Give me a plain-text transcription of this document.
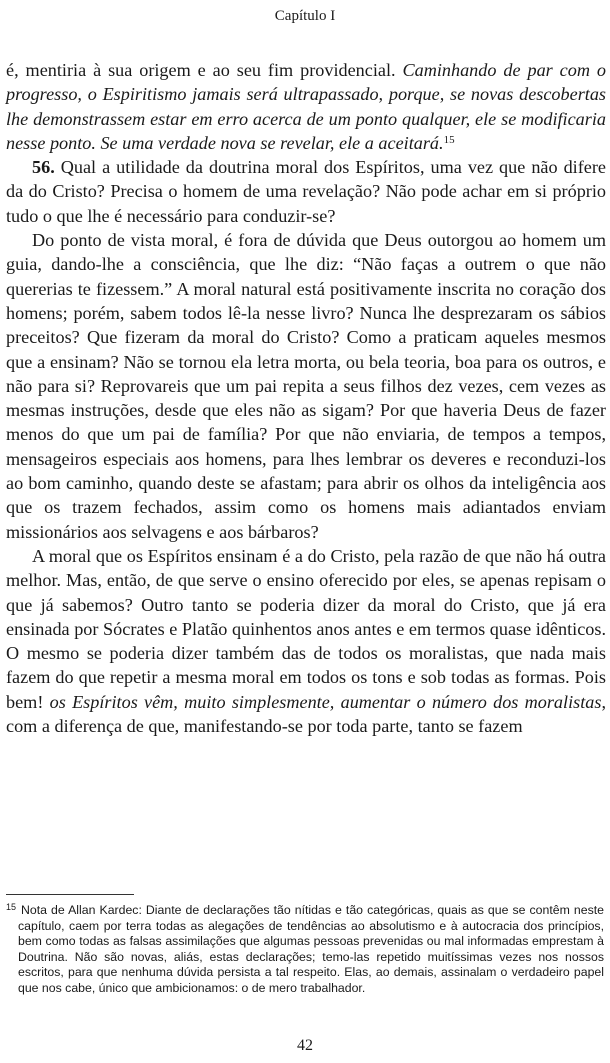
Capítulo I

é, mentiria à sua origem e ao seu fim providencial. Caminhando de par com o progresso, o Espiritismo jamais será ultrapassado, porque, se novas descobertas lhe demonstrassem estar em erro acerca de um ponto qualquer, ele se modificaria nesse ponto. Se uma verdade nova se revelar, ele a aceitará.$^{15}$

56. Qual a utilidade da doutrina moral dos Espíritos, uma vez que não difere da do Cristo? Precisa o homem de uma revelação? Não pode achar em si próprio tudo o que lhe é necessário para conduzir-se?

Do ponto de vista moral, é fora de dúvida que Deus outorgou ao homem um guia, dando-lhe a consciência, que lhe diz: “Não faças a outrem o que não quererias te fizessem.” A moral natural está positivamente inscrita no coração dos homens; porém, sabem todos lê-la nesse livro? Nunca lhe desprezaram os sábios preceitos? Que fizeram da moral do Cristo? Como a praticam aqueles mesmos que a ensinam? Não se tornou ela letra morta, ou bela teoria, boa para os outros, e não para si? Reprovareis que um pai repita a seus filhos dez vezes, cem vezes as mesmas instruções, desde que eles não as sigam? Por que haveria Deus de fazer menos do que um pai de família? Por que não enviaria, de tempos a tempos, mensageiros especiais aos homens, para lhes lembrar os deveres e reconduzi-los ao bom caminho, quando deste se afastam; para abrir os olhos da inteligência aos que os trazem fechados, assim como os homens mais adiantados enviam missionários aos selvagens e aos bárbaros?

A moral que os Espíritos ensinam é a do Cristo, pela razão de que não há outra melhor. Mas, então, de que serve o ensino oferecido por eles, se apenas repisam o que já sabemos? Outro tanto se poderia dizer da moral do Cristo, que já era ensinada por Sócrates e Platão quinhentos anos antes e em termos quase idênticos. O mesmo se poderia dizer também das de todos os moralistas, que nada mais fazem do que repetir a mesma moral em todos os tons e sob todas as formas. Pois bem! os Espíritos vêm, muito simplesmente, aumentar o número dos moralistas, com a diferença de que, manifestando-se por toda parte, tanto se fazem

$^{15}$ Nota de Allan Kardec: Diante de declarações tão nítidas e tão categóricas, quais as que se contêm neste capítulo, caem por terra todas as alegações de tendências ao absolutismo e à autocracia dos princípios, bem como todas as falsas assimilações que algumas pessoas prevenidas ou mal informadas emprestam à Doutrina. Não são novas, aliás, estas declarações; temo-las repetido muitíssimas vezes nos nossos escritos, para que nenhuma dúvida persista a tal respeito. Elas, ao demais, assinalam o verdadeiro papel que nos cabe, único que ambicionamos: o de mero trabalhador.
42
